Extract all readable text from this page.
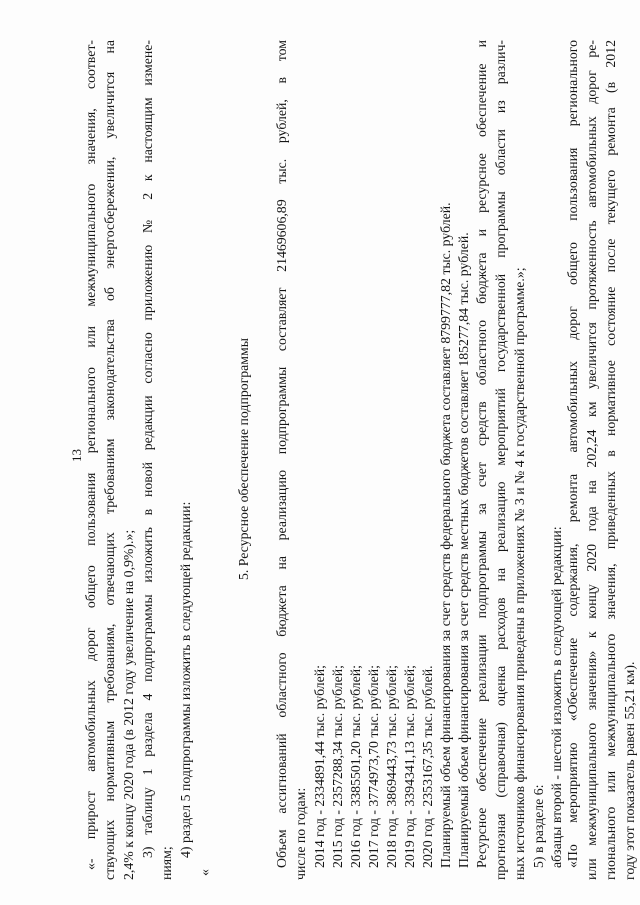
13 «- прирост автомобильных дорог общего пользования регионального или межмуниципального значения, соответ- ствующих нормативным требованиям, отвечающих требованиям законодательства об энергосбережении, увеличится на 2,4% к концу 2020 года (в 2012 году увеличение на 0,9%).»; 3) таблицу 1 раздела 4 подпрограммы изложить в новой редакции согласно приложению № 2 к настоящим измене-
ниям;
4) раздел 5 подпрограммы изложить в следующей редакции:
«
5. Ресурсное обеспечение подпрограммы Объем ассигнований областного бюджета на реализацию подпрограммы составляет 21469606,89 тыс. рублей, в том числе по годам: 2014 год - 2334891,44 тыс. рублей; 2015 год - 2357288,34 тыс. рублей; 2016 год - 3385501,20 тыс. рублей; 2017 год - 3774973,70 тыс. рублей; 2018 год - 3869443,73 тыс. рублей; 2019 год - 3394341,13 тыс. рублей; 2020 год - 2353167,35 тыс. рублей. Планируемый объем финансирования за счет средств федерального бюджета составляет 8799777,82 тыс. рублей. Планируемый объем финансирования за счет средств местных бюджетов составляет 185277,84 тыс. рублей. Ресурсное обеспечение реализации подпрограммы за счет средств областного бюджета и ресурсное обеспечение и прогнозная (справочная) оценка расходов на реализацию мероприятий государственной программы области из различ- ных источников финансирования приведены в приложениях № 3 и № 4 к государственной программе.»; 5) в разделе 6: абзацы второй - шестой изложить в следующей редакции: «По мероприятию «Обеспечение содержания, ремонта автомобильных дорог общего пользования регионального или межмуниципального значения» к концу 2020 года на 202,24 км увеличится протяженность автомобильных дорог ре- гионального или межмуниципального значения, приведенных в нормативное состояние после текущего ремонта (в 2012 году этот показатель равен 55,21 км).
